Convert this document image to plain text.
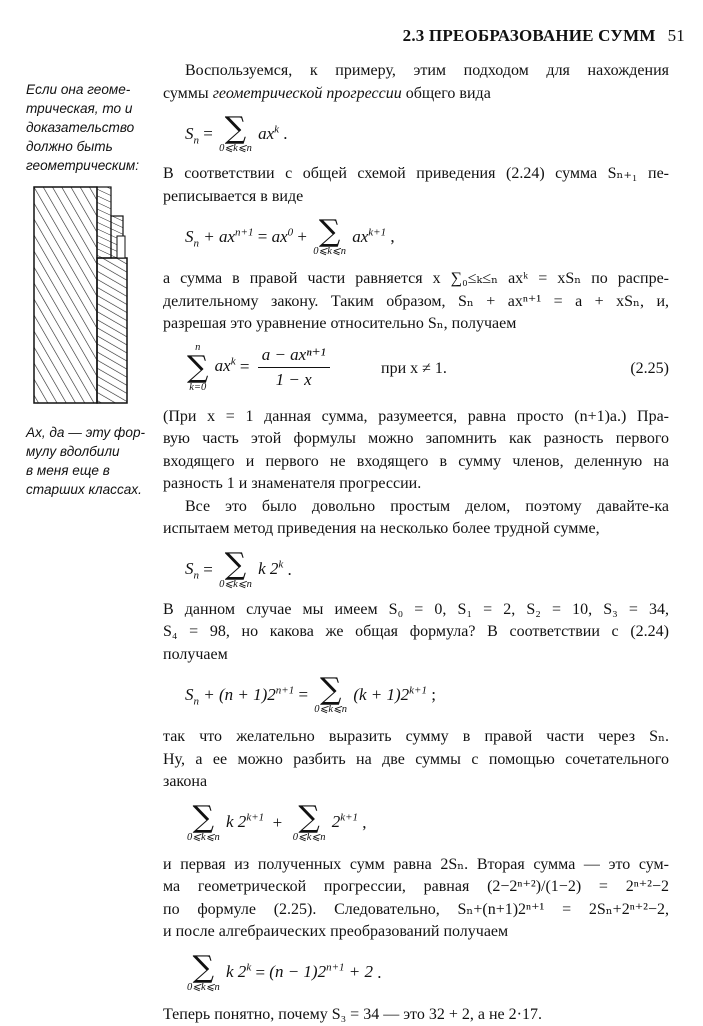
2.3 ПРЕОБРАЗОВАНИЕ СУММ 51
Если она геоме-
трическая, то и
доказательство
должно быть
геометрическим:
Ах, да — эту фор-
мулу вдолбили
в меня еще в
старших классах.

Воспользуемся, к примеру, этим подходом для нахождения
суммы геометрической прогрессии общего вида

$S_n$ = ∑
0⩽k⩽n
$ax^k$ .

В соответствии с общей схемой приведения (2.24) сумма Sₙ₊₁ пе-
реписывается в виде

$S_n + ax^{n+1} = ax^0$ + ∑
0⩽k⩽n
$ax^{k+1}$ ,

а сумма в правой части равняется x ∑₀≤ₖ≤ₙ axᵏ = xSₙ по распре-
делительному закону. Таким образом, Sₙ + axⁿ⁺¹ = a + xSₙ, и,
разрешая это уравнение относительно Sₙ, получаем

n
∑
k=0
$ax^k = \frac{\text{a − axⁿ⁺¹}}{1 - x}$	при x ≠ 1.	(2.25)

(При x = 1 данная сумма, разумеется, равна просто (n+1)a.) Пра-
вую часть этой формулы можно запомнить как разность первого
входящего и первого не входящего в сумму членов, деленную на
разность 1 и знаменателя прогрессии.

Все это было довольно простым делом, поэтому давайте-ка
испытаем метод приведения на несколько более трудной сумме,

$S_n$ = ∑
0⩽k⩽n
k 2$^k$ .

В данном случае мы имеем S₀ = 0, S₁ = 2, S₂ = 10, S₃ = 34,
S₄ = 98, но какова же общая формула? В соответствии с (2.24)
получаем

$S_n + (n + 1)2^{n+1}$ = ∑
0⩽k⩽n
$(k + 1)2^{k+1}$ ;

так что желательно выразить сумму в правой части через Sₙ.
Ну, а ее можно разбить на две суммы с помощью сочетательного
закона

∑
0⩽k⩽n
k $2^{k+1}$  + ∑
0⩽k⩽n
$2^{k+1}$ ,

и первая из полученных сумм равна 2Sₙ. Вторая сумма — это сум-
ма геометрической прогрессии, равная (2−2ⁿ⁺²)/(1−2) = 2ⁿ⁺²−2
по формуле (2.25). Следовательно, Sₙ+(n+1)2ⁿ⁺¹ = 2Sₙ+2ⁿ⁺²−2,
и после алгебраических преобразований получаем

∑
0⩽k⩽n
k $2^k = (n - 1)2^{n+1} + 2$ .

Теперь понятно, почему S₃ = 34 — это 32 + 2, а не 2·17.
